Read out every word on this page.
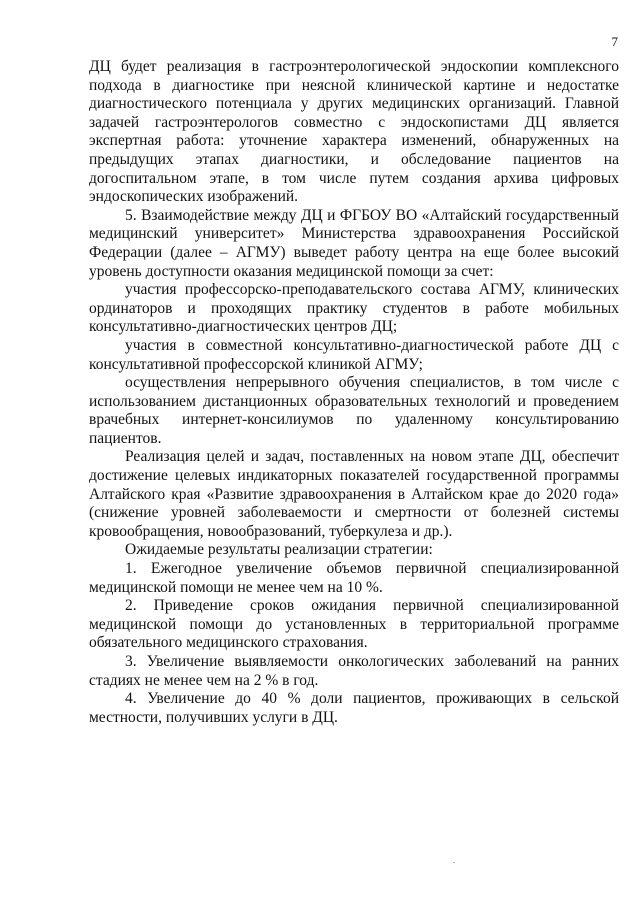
7

ДЦ будет реализация в гастроэнтерологической эндоскопии комплексного подхода в диагностике при неясной клинической картине и недостатке диагностического потенциала у других медицинских организаций. Главной задачей гастроэнтерологов совместно с эндоскопистами ДЦ является экспертная работа: уточнение характера изменений, обнаруженных на предыдущих этапах диагностики, и обследование пациентов на догоспитальном этапе, в том числе путем создания архива цифровых эндоскопических изображений.

5. Взаимодействие между ДЦ и ФГБОУ ВО «Алтайский государственный медицинский университет» Министерства здравоохранения Российской Федерации (далее – АГМУ) выведет работу центра на еще более высокий уровень доступности оказания медицинской помощи за счет:

участия профессорско-преподавательского состава АГМУ, клинических ординаторов и проходящих практику студентов в работе мобильных консультативно-диагностических центров ДЦ;

участия в совместной консультативно-диагностической работе ДЦ с консультативной профессорской клиникой АГМУ;

осуществления непрерывного обучения специалистов, в том числе с использованием дистанционных образовательных технологий и проведением врачебных интернет-консилиумов по удаленному консультированию пациентов.

Реализация целей и задач, поставленных на новом этапе ДЦ, обеспечит достижение целевых индикаторных показателей государственной программы Алтайского края «Развитие здравоохранения в Алтайском крае до 2020 года» (снижение уровней заболеваемости и смертности от болезней системы кровообращения, новообразований, туберкулеза и др.).

Ожидаемые результаты реализации стратегии:

1. Ежегодное увеличение объемов первичной специализированной медицинской помощи не менее чем на 10 %.

2. Приведение сроков ожидания первичной специализированной медицинской помощи до установленных в территориальной программе обязательного медицинского страхования.

3. Увеличение выявляемости онкологических заболеваний на ранних стадиях не менее чем на 2 % в год.

4. Увеличение до 40 % доли пациентов, проживающих в сельской местности, получивших услуги в ДЦ.
